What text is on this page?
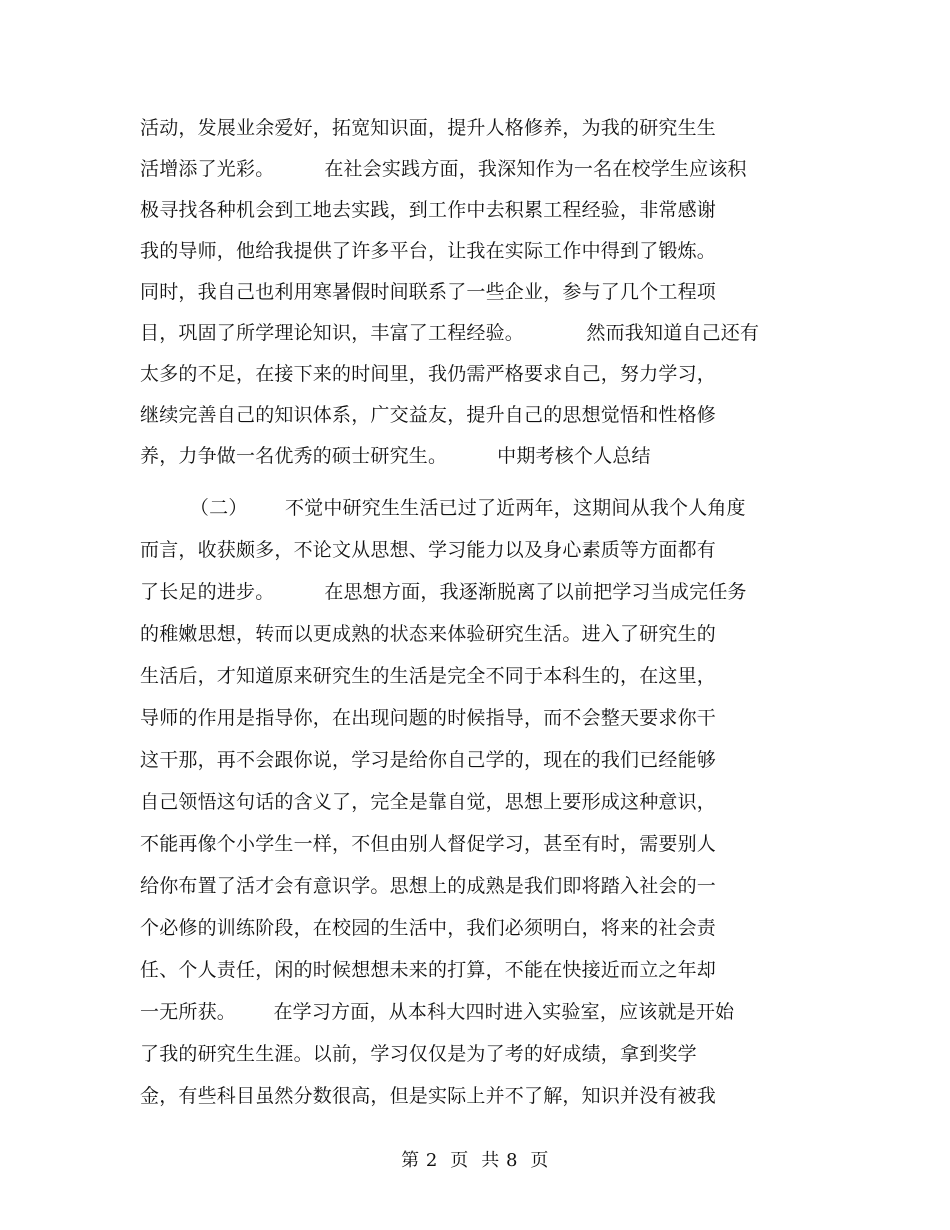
活动，发展业余爱好，拓宽知识面，提升人格修养，为我的研究生生
活增添了光彩。        在社会实践方面，我深知作为一名在校学生应该积
极寻找各种机会到工地去实践，到工作中去积累工程经验，非常感谢
我的导师，他给我提供了许多平台，让我在实际工作中得到了锻炼。
同时，我自己也利用寒暑假时间联系了一些企业，参与了几个工程项
目，巩固了所学理论知识，丰富了工程经验。          然而我知道自己还有
太多的不足，在接下来的时间里，我仍需严格要求自己，努力学习，
继续完善自己的知识体系，广交益友，提升自己的思想觉悟和性格修
养，力争做一名优秀的硕士研究生。        中期考核个人总结
（二）      不觉中研究生生活已过了近两年，这期间从我个人角度
而言，收获颇多，不论文从思想、学习能力以及身心素质等方面都有
了长足的进步。        在思想方面，我逐渐脱离了以前把学习当成完任务
的稚嫩思想，转而以更成熟的状态来体验研究生活。进入了研究生的
生活后，才知道原来研究生的生活是完全不同于本科生的，在这里，
导师的作用是指导你，在出现问题的时候指导，而不会整天要求你干
这干那，再不会跟你说，学习是给你自己学的，现在的我们已经能够
自己领悟这句话的含义了，完全是靠自觉，思想上要形成这种意识，
不能再像个小学生一样，不但由别人督促学习，甚至有时，需要别人
给你布置了活才会有意识学。思想上的成熟是我们即将踏入社会的一
个必修的训练阶段，在校园的生活中，我们必须明白，将来的社会责
任、个人责任，闲的时候想想未来的打算，不能在快接近而立之年却
一无所获。      在学习方面，从本科大四时进入实验室，应该就是开始
了我的研究生生涯。以前，学习仅仅是为了考的好成绩，拿到奖学
金，有些科目虽然分数很高，但是实际上并不了解，知识并没有被我
第 2  页  共 8  页
